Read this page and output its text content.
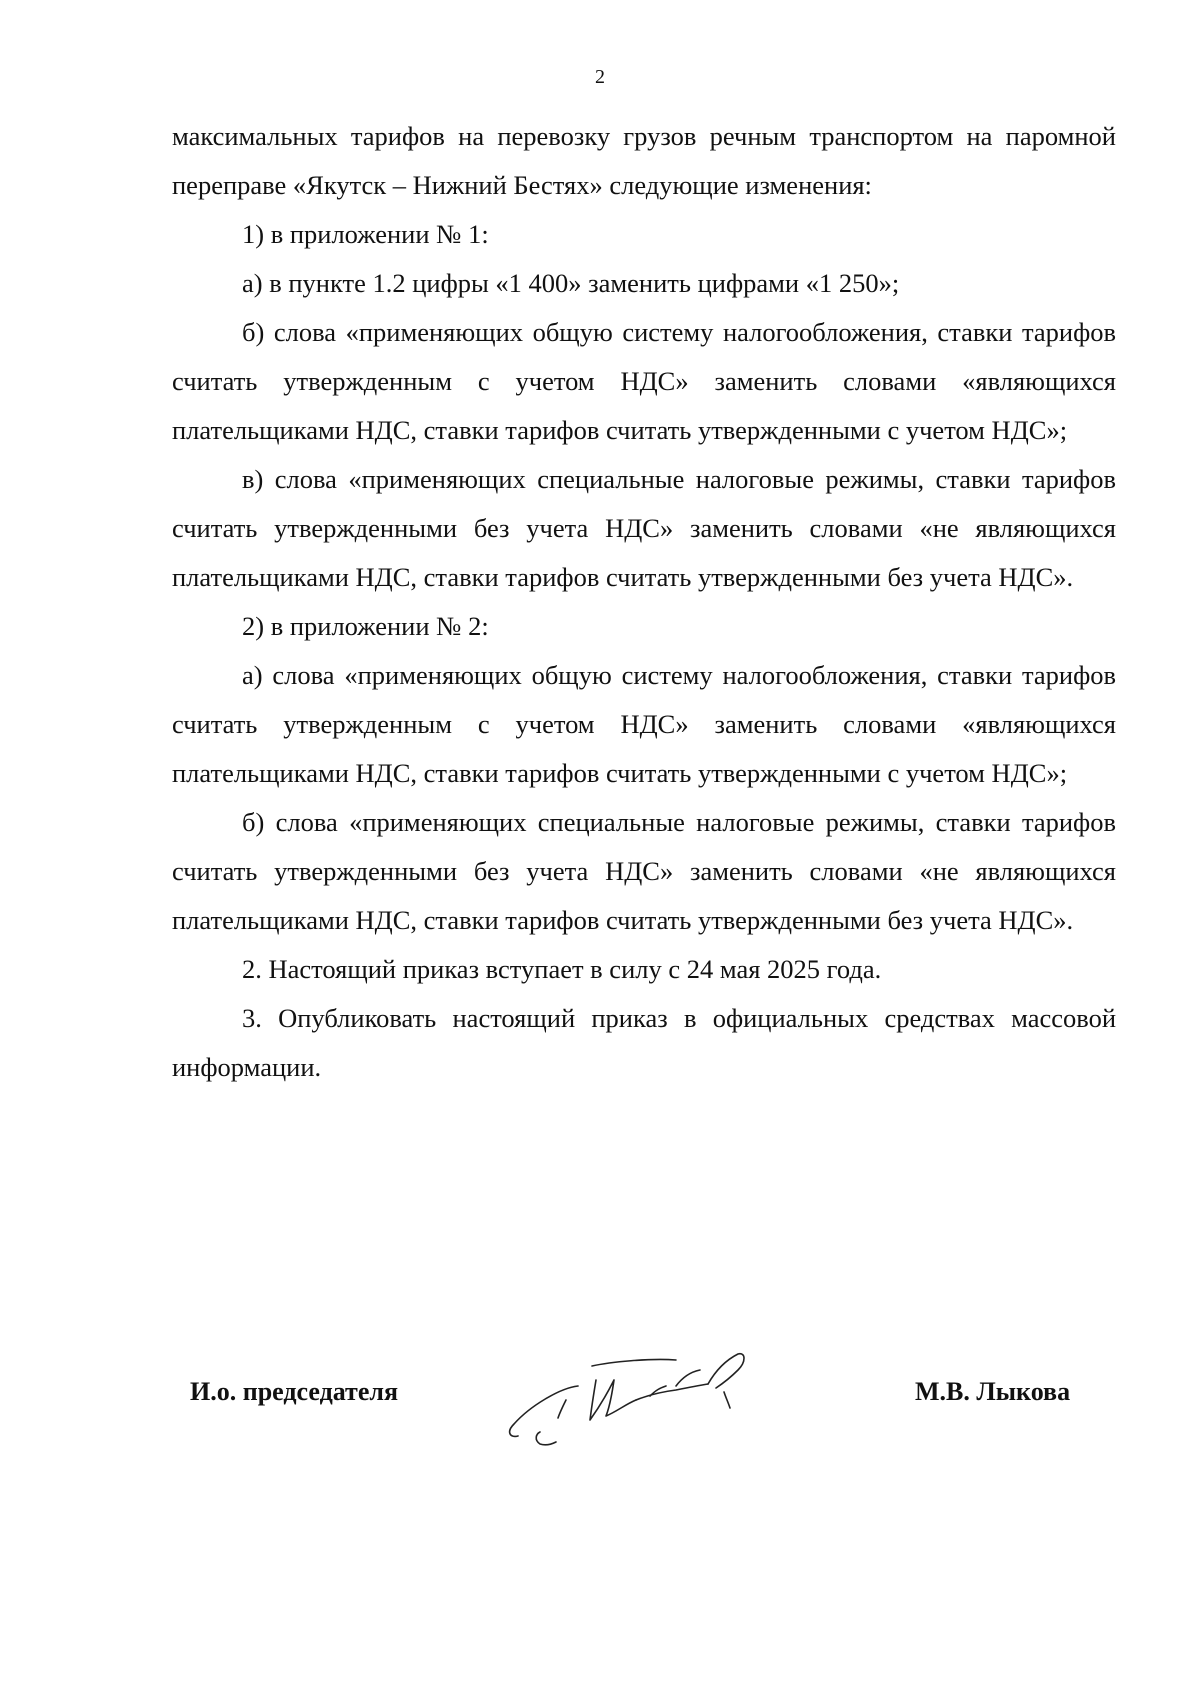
2

максимальных тарифов на перевозку грузов речным транспортом на паромной переправе «Якутск – Нижний Бестях» следующие изменения:

1) в приложении № 1:

а) в пункте 1.2 цифры «1 400» заменить цифрами «1 250»;

б) слова «применяющих общую систему налогообложения, ставки тарифов считать утвержденным с учетом НДС» заменить словами «являющихся плательщиками НДС, ставки тарифов считать утвержденными с учетом НДС»;

в) слова «применяющих специальные налоговые режимы, ставки тарифов считать утвержденными без учета НДС» заменить словами «не являющихся плательщиками НДС, ставки тарифов считать утвержденными без учета НДС».

2) в приложении № 2:

а) слова «применяющих общую систему налогообложения, ставки тарифов считать утвержденным с учетом НДС» заменить словами «являющихся плательщиками НДС, ставки тарифов считать утвержденными с учетом НДС»;

б) слова «применяющих специальные налоговые режимы, ставки тарифов считать утвержденными без учета НДС» заменить словами «не являющихся плательщиками НДС, ставки тарифов считать утвержденными без учета НДС».

2. Настоящий приказ вступает в силу с 24 мая 2025 года.

3. Опубликовать настоящий приказ в официальных средствах массовой информации.

И.о. председателя	М.В. Лыкова
